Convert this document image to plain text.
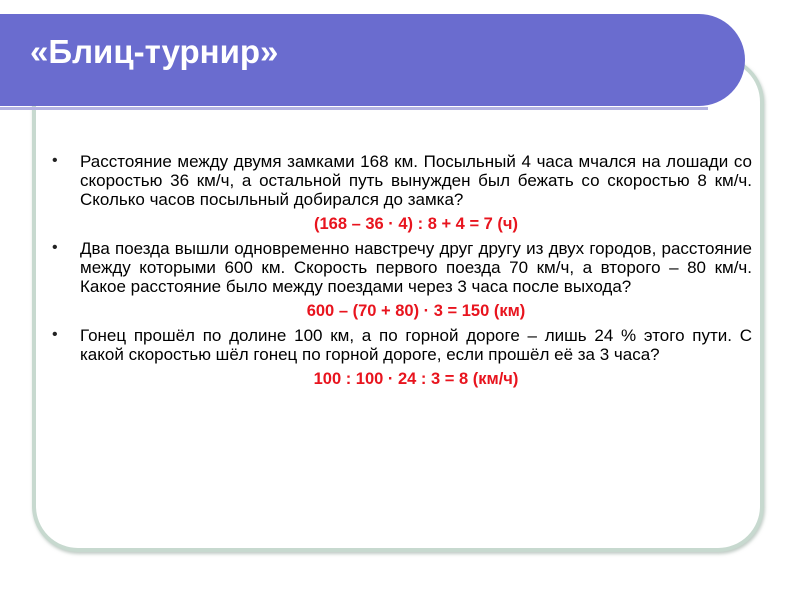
«Блиц-турнир»
•	Расстояние между двумя замками 168 км. Посыльный 4 часа мчался на лошади со скоростью 36 км/ч, а остальной путь вынужден был бежать со скоростью 8 км/ч. Сколько часов посыльный добирался до замка?
(168 – 36 · 4) : 8 + 4 = 7 (ч)
•	Два поезда вышли одновременно навстречу друг другу из двух городов, расстояние между которыми 600 км. Скорость первого поезда 70 км/ч, а второго – 80 км/ч. Какое расстояние было между поездами через 3 часа после выхода?
600 – (70 + 80) · 3 = 150 (км)
•	Гонец прошёл по долине 100 км, а по горной дороге – лишь 24 % этого пути. С какой скоростью шёл гонец по горной дороге, если прошёл её за 3 часа?
100 : 100 · 24 : 3 = 8 (км/ч)
